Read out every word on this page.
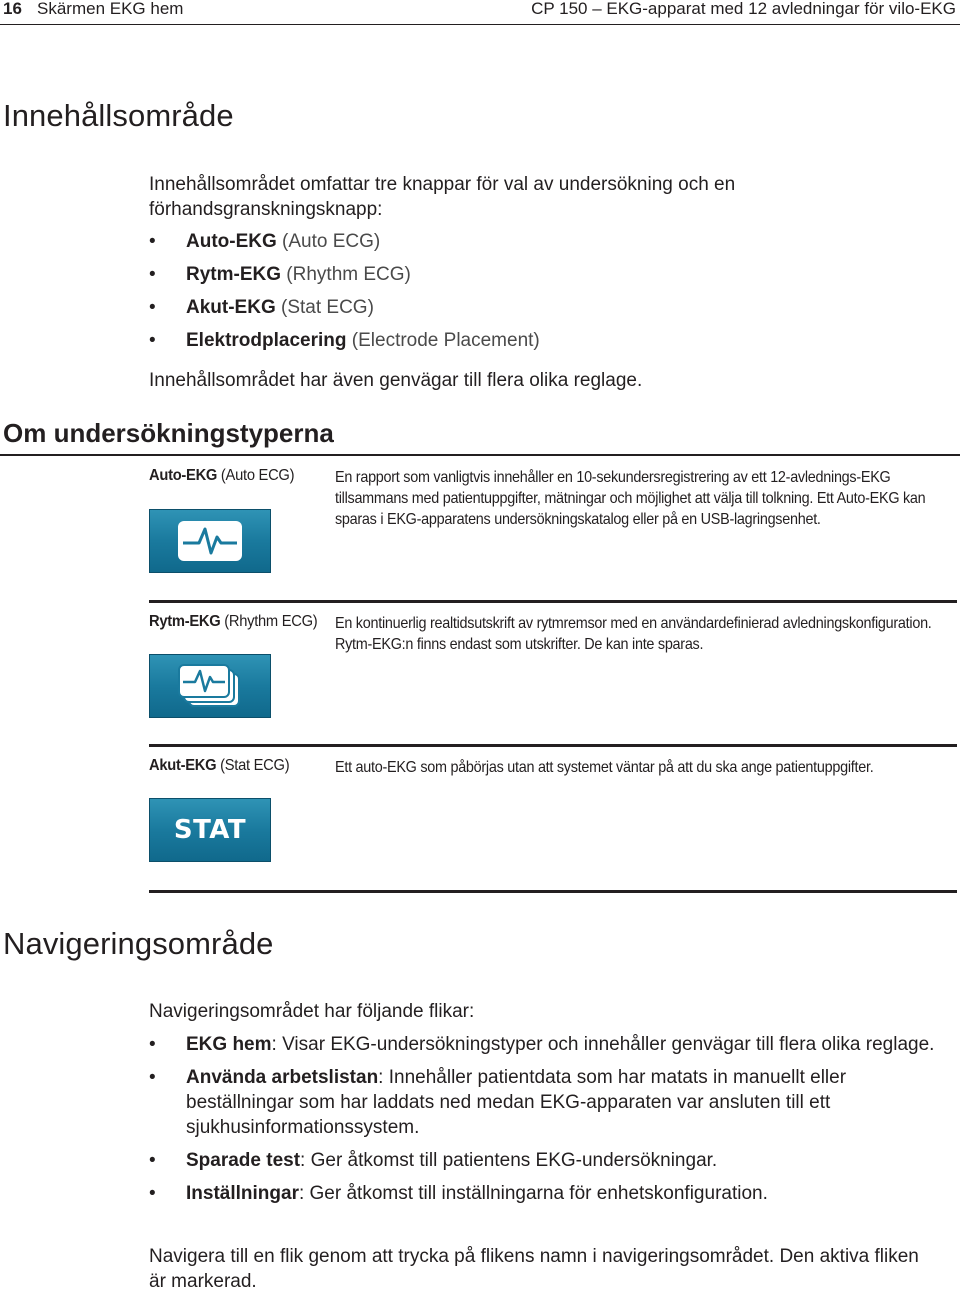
16 Skärmen EKG hem	CP 150 – EKG-apparat med 12 avledningar för vilo-EKG
Innehållsområde

Innehållsområdet omfattar tre knappar för val av undersökning och en förhandsgranskningsknapp:

• Auto-EKG (Auto ECG)
• Rytm-EKG (Rhythm ECG)
• Akut-EKG (Stat ECG)
• Elektrodplacering (Electrode Placement)

Innehållsområdet har även genvägar till flera olika reglage.

Om undersökningstyperna
Auto-EKG (Auto ECG)	En rapport som vanligtvis innehåller en 10-sekundersregistrering av ett 12-avlednings-EKG tillsammans med patientuppgifter, mätningar och möjlighet att välja till tolkning. Ett Auto-EKG kan sparas i EKG-apparatens undersökningskatalog eller på en USB-lagringsenhet.
Rytm-EKG (Rhythm ECG) En kontinuerlig realtidsutskrift av rytmremsor med en användardefinierad avledningskonfiguration. Rytm-EKG:n finns endast som utskrifter. De kan inte sparas.
Akut-EKG (Stat ECG)	Ett auto-EKG som påbörjas utan att systemet väntar på att du ska ange patientuppgifter.
STAT
Navigeringsområde

Navigeringsområdet har följande flikar:

• EKG hem: Visar EKG-undersökningstyper och innehåller genvägar till flera olika reglage.
• Använda arbetslistan: Innehåller patientdata som har matats in manuellt eller beställningar som har laddats ned medan EKG-apparaten var ansluten till ett sjukhusinformationssystem.
• Sparade test: Ger åtkomst till patientens EKG-undersökningar.
• Inställningar: Ger åtkomst till inställningarna för enhetskonfiguration.

Navigera till en flik genom att trycka på flikens namn i navigeringsområdet. Den aktiva fliken är markerad.
